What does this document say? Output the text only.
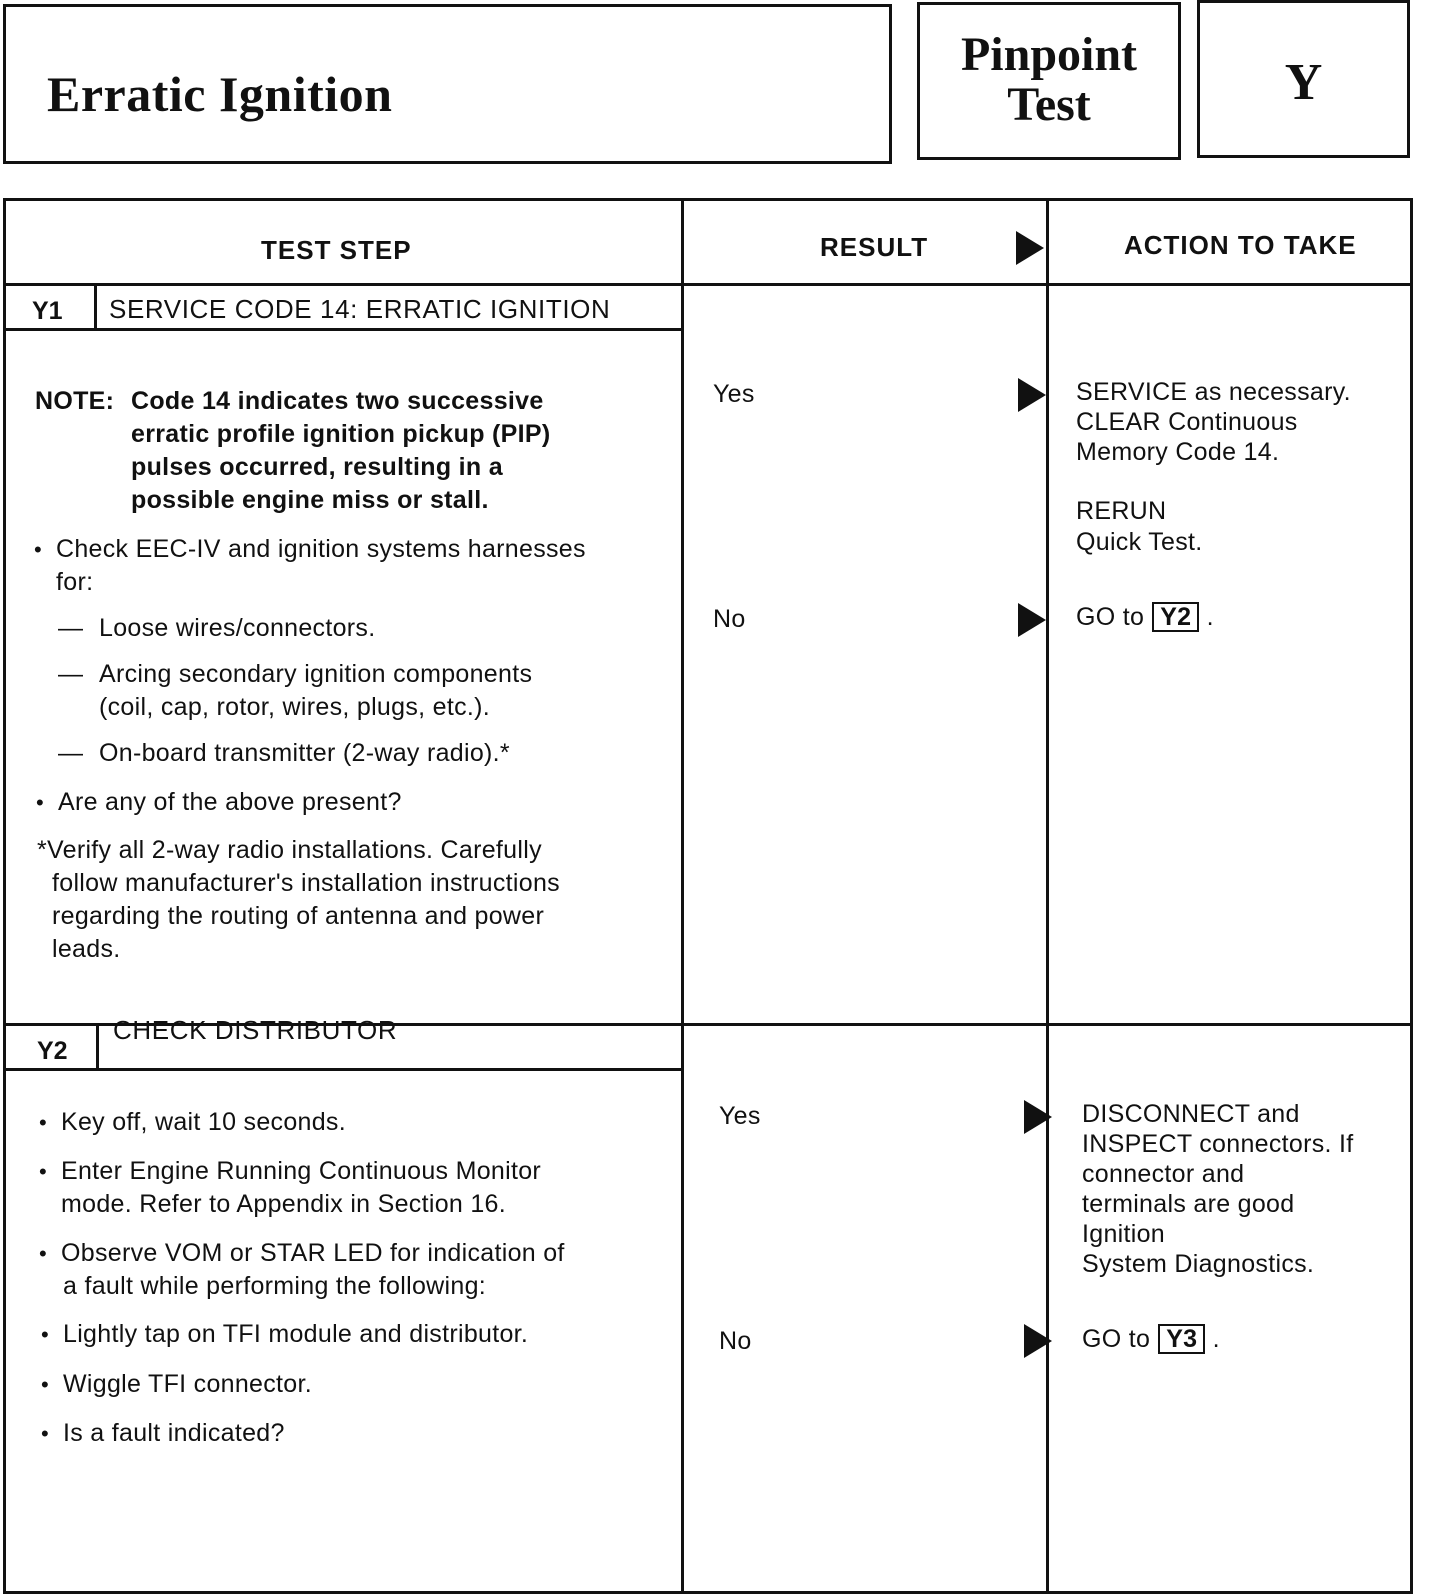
Erratic Ignition
Pinpoint
Test	Y
TEST STEP	RESULT	ACTION TO TAKE
Y1 SERVICE CODE 14: ERRATIC IGNITION
NOTE: Code 14 indicates two successive
erratic profile ignition pickup (PIP)
pulses occurred, resulting in a
possible engine miss or stall.
• Check EEC-IV and ignition systems harnesses
for:
— Loose wires/connectors.
— Arcing secondary ignition components
(coil, cap, rotor, wires, plugs, etc.).
— On-board transmitter (2-way radio).*
• Are any of the above present?
*Verify all 2-way radio installations. Carefully
follow manufacturer's installation instructions
regarding the routing of antenna and power
leads.
Yes	SERVICE as necessary.
CLEAR Continuous
Memory Code 14.
RERUN
Quick Test.
No	GO to Y2 .
Y2
CHECK DISTRIBUTOR
• Key off, wait 10 seconds.
• Enter Engine Running Continuous Monitor
mode. Refer to Appendix in Section 16.
• Observe VOM or STAR LED for indication of
a fault while performing the following:
• Lightly tap on TFI module and distributor.
• Wiggle TFI connector.
• Is a fault indicated?
Yes	DISCONNECT and
INSPECT connectors. If
connector and
terminals are good
Ignition
System Diagnostics.
No	GO to Y3 .
